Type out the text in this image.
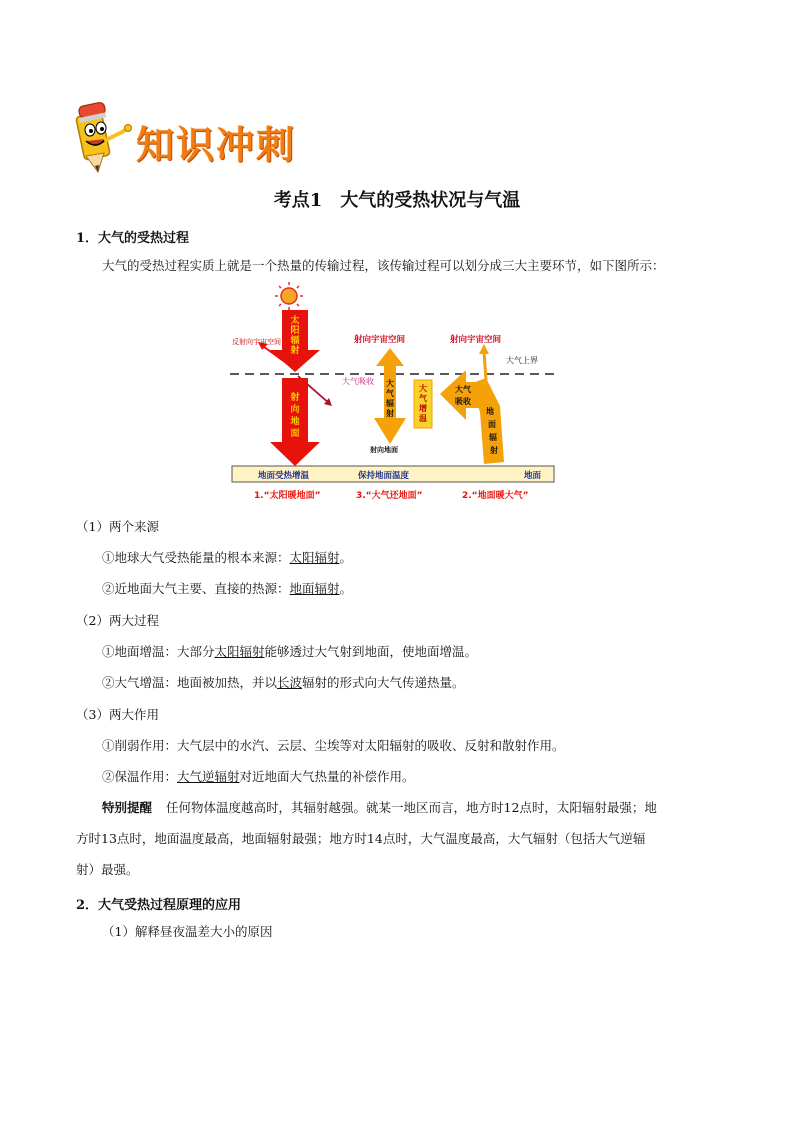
知识冲刺
考点1　大气的受热状况与气温
1．大气的受热过程
大气的受热过程实质上就是一个热量的传输过程，该传输过程可以划分成三大主要环节，如下图所示：
太
阳
辐
射
反射向宇宙空间
大气上界
大气吸收
射
向
地
面
射向宇宙空间
大
气
辐
射
射向地面
大
气
增
温
大 气
吸 收
地
面
辐
射
射向宇宙空间
地面受热增温	保持地面温度	地面
1.“太阳暖地面”	3.“大气还地面”	2.“地面暖大气”
（1）两个来源
①地球大气受热能量的根本来源：太阳辐射。
②近地面大气主要、直接的热源：地面辐射。
（2）两大过程
①地面增温：大部分太阳辐射能够透过大气射到地面，使地面增温。
②大气增温：地面被加热，并以长波辐射的形式向大气传递热量。
（3）两大作用
①削弱作用：大气层中的水汽、云层、尘埃等对太阳辐射的吸收、反射和散射作用。
②保温作用：大气逆辐射对近地面大气热量的补偿作用。
特别提醒 任何物体温度越高时，其辐射越强。就某一地区而言，地方时12点时，太阳辐射最强；地
方时13点时，地面温度最高，地面辐射最强；地方时14点时，大气温度最高，大气辐射（包括大气逆辐
射）最强。
2．大气受热过程原理的应用
（1）解释昼夜温差大小的原因
